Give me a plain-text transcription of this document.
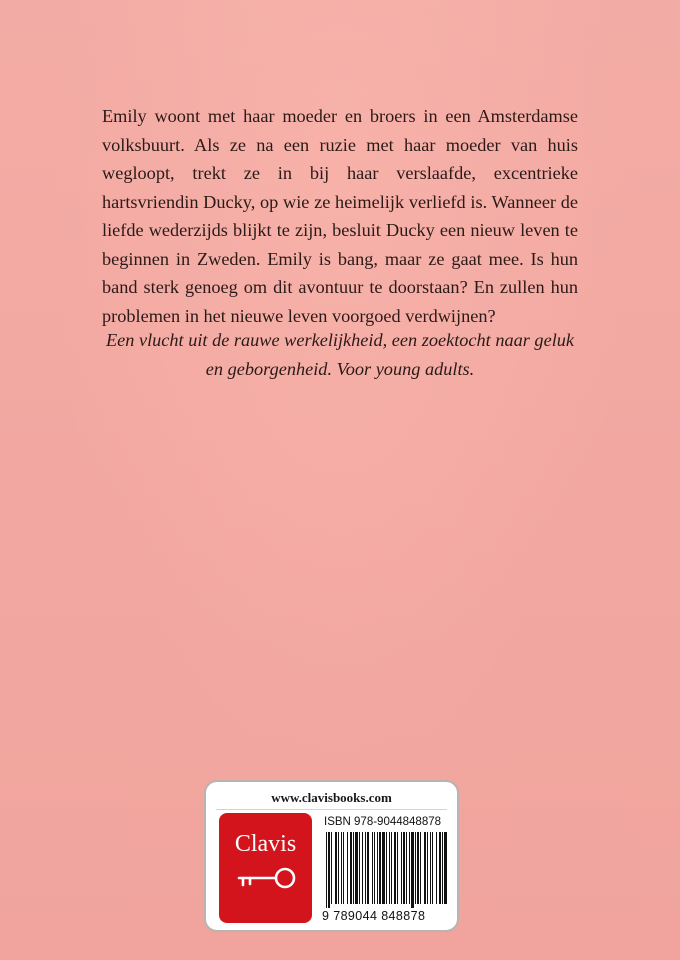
Emily woont met haar moeder en broers in een Amsterdamse volksbuurt. Als ze na een ruzie met haar moeder van huis wegloopt, trekt ze in bij haar verslaafde, excentrieke hartsvriendin Ducky, op wie ze heimelijk verliefd is. Wanneer de liefde wederzijds blijkt te zijn, besluit Ducky een nieuw leven te beginnen in Zweden. Emily is bang, maar ze gaat mee. Is hun band sterk genoeg om dit avontuur te doorstaan? En zullen hun problemen in het nieuwe leven voorgoed verdwijnen?

Een vlucht uit de rauwe werkelijkheid, een zoektocht naar geluk en geborgenheid. Voor young adults.

www.clavisbooks.com
Clavis
ISBN 978-9044848878
9 789044 848878
